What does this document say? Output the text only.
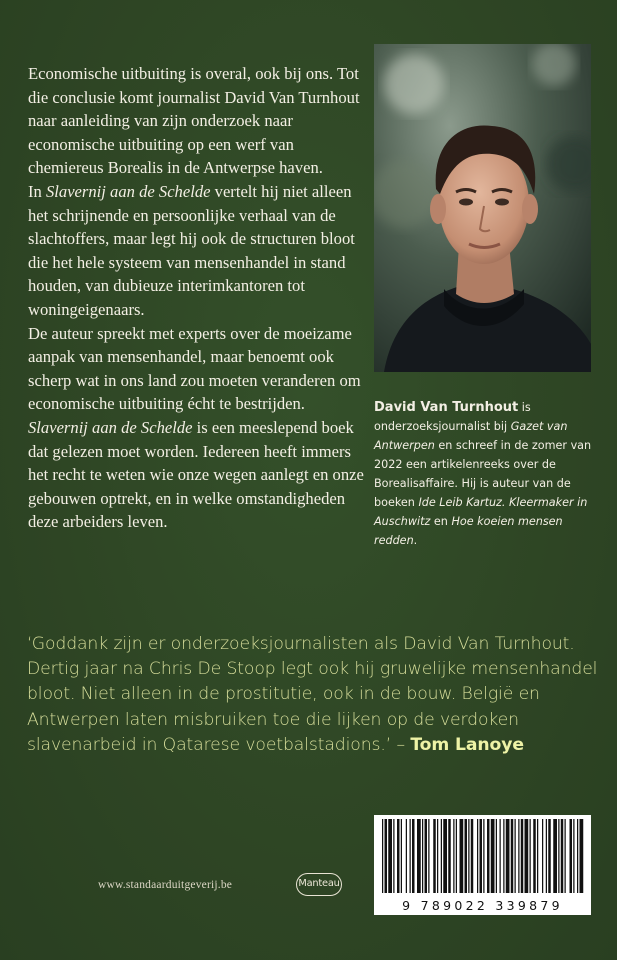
Economische uitbuiting is overal, ook bij ons. Tot die conclusie komt journalist David Van Turnhout naar aanleiding van zijn onderzoek naar economische uitbuiting op een werf van chemiereus Borealis in de Antwerpse haven.

In Slavernij aan de Schelde vertelt hij niet alleen het schrijnende en persoonlijke verhaal van de slachtoffers, maar legt hij ook de structuren bloot die het hele systeem van mensenhandel in stand houden, van dubieuze interimkantoren tot woningeigenaars.

De auteur spreekt met experts over de moeizame aanpak van mensenhandel, maar benoemt ook scherp wat in ons land zou moeten veranderen om economische uitbuiting écht te bestrijden.

Slavernij aan de Schelde is een meeslepend boek dat gelezen moet worden. Iedereen heeft immers het recht te weten wie onze wegen aanlegt en onze gebouwen optrekt, en in welke omstandigheden deze arbeiders leven.

David Van Turnhout is onderzoeksjournalist bij Gazet van Antwerpen en schreef in de zomer van 2022 een artikelenreeks over de Borealisaffaire. Hij is auteur van de boeken Ide Leib Kartuz. Kleermaker in Auschwitz en Hoe koeien mensen redden.
‘Goddank zijn er onderzoeksjournalisten als David Van Turnhout. Dertig jaar na Chris De Stoop legt ook hij gruwelijke mensenhandel bloot. Niet alleen in de prostitutie, ook in de bouw. België en Antwerpen laten misbruiken toe die lijken op de verdoken slavenarbeid in Qatarese voetbalstadions.’ – Tom Lanoye
www.standaarduitgeverij.be	Manteau
9 789022 339879
